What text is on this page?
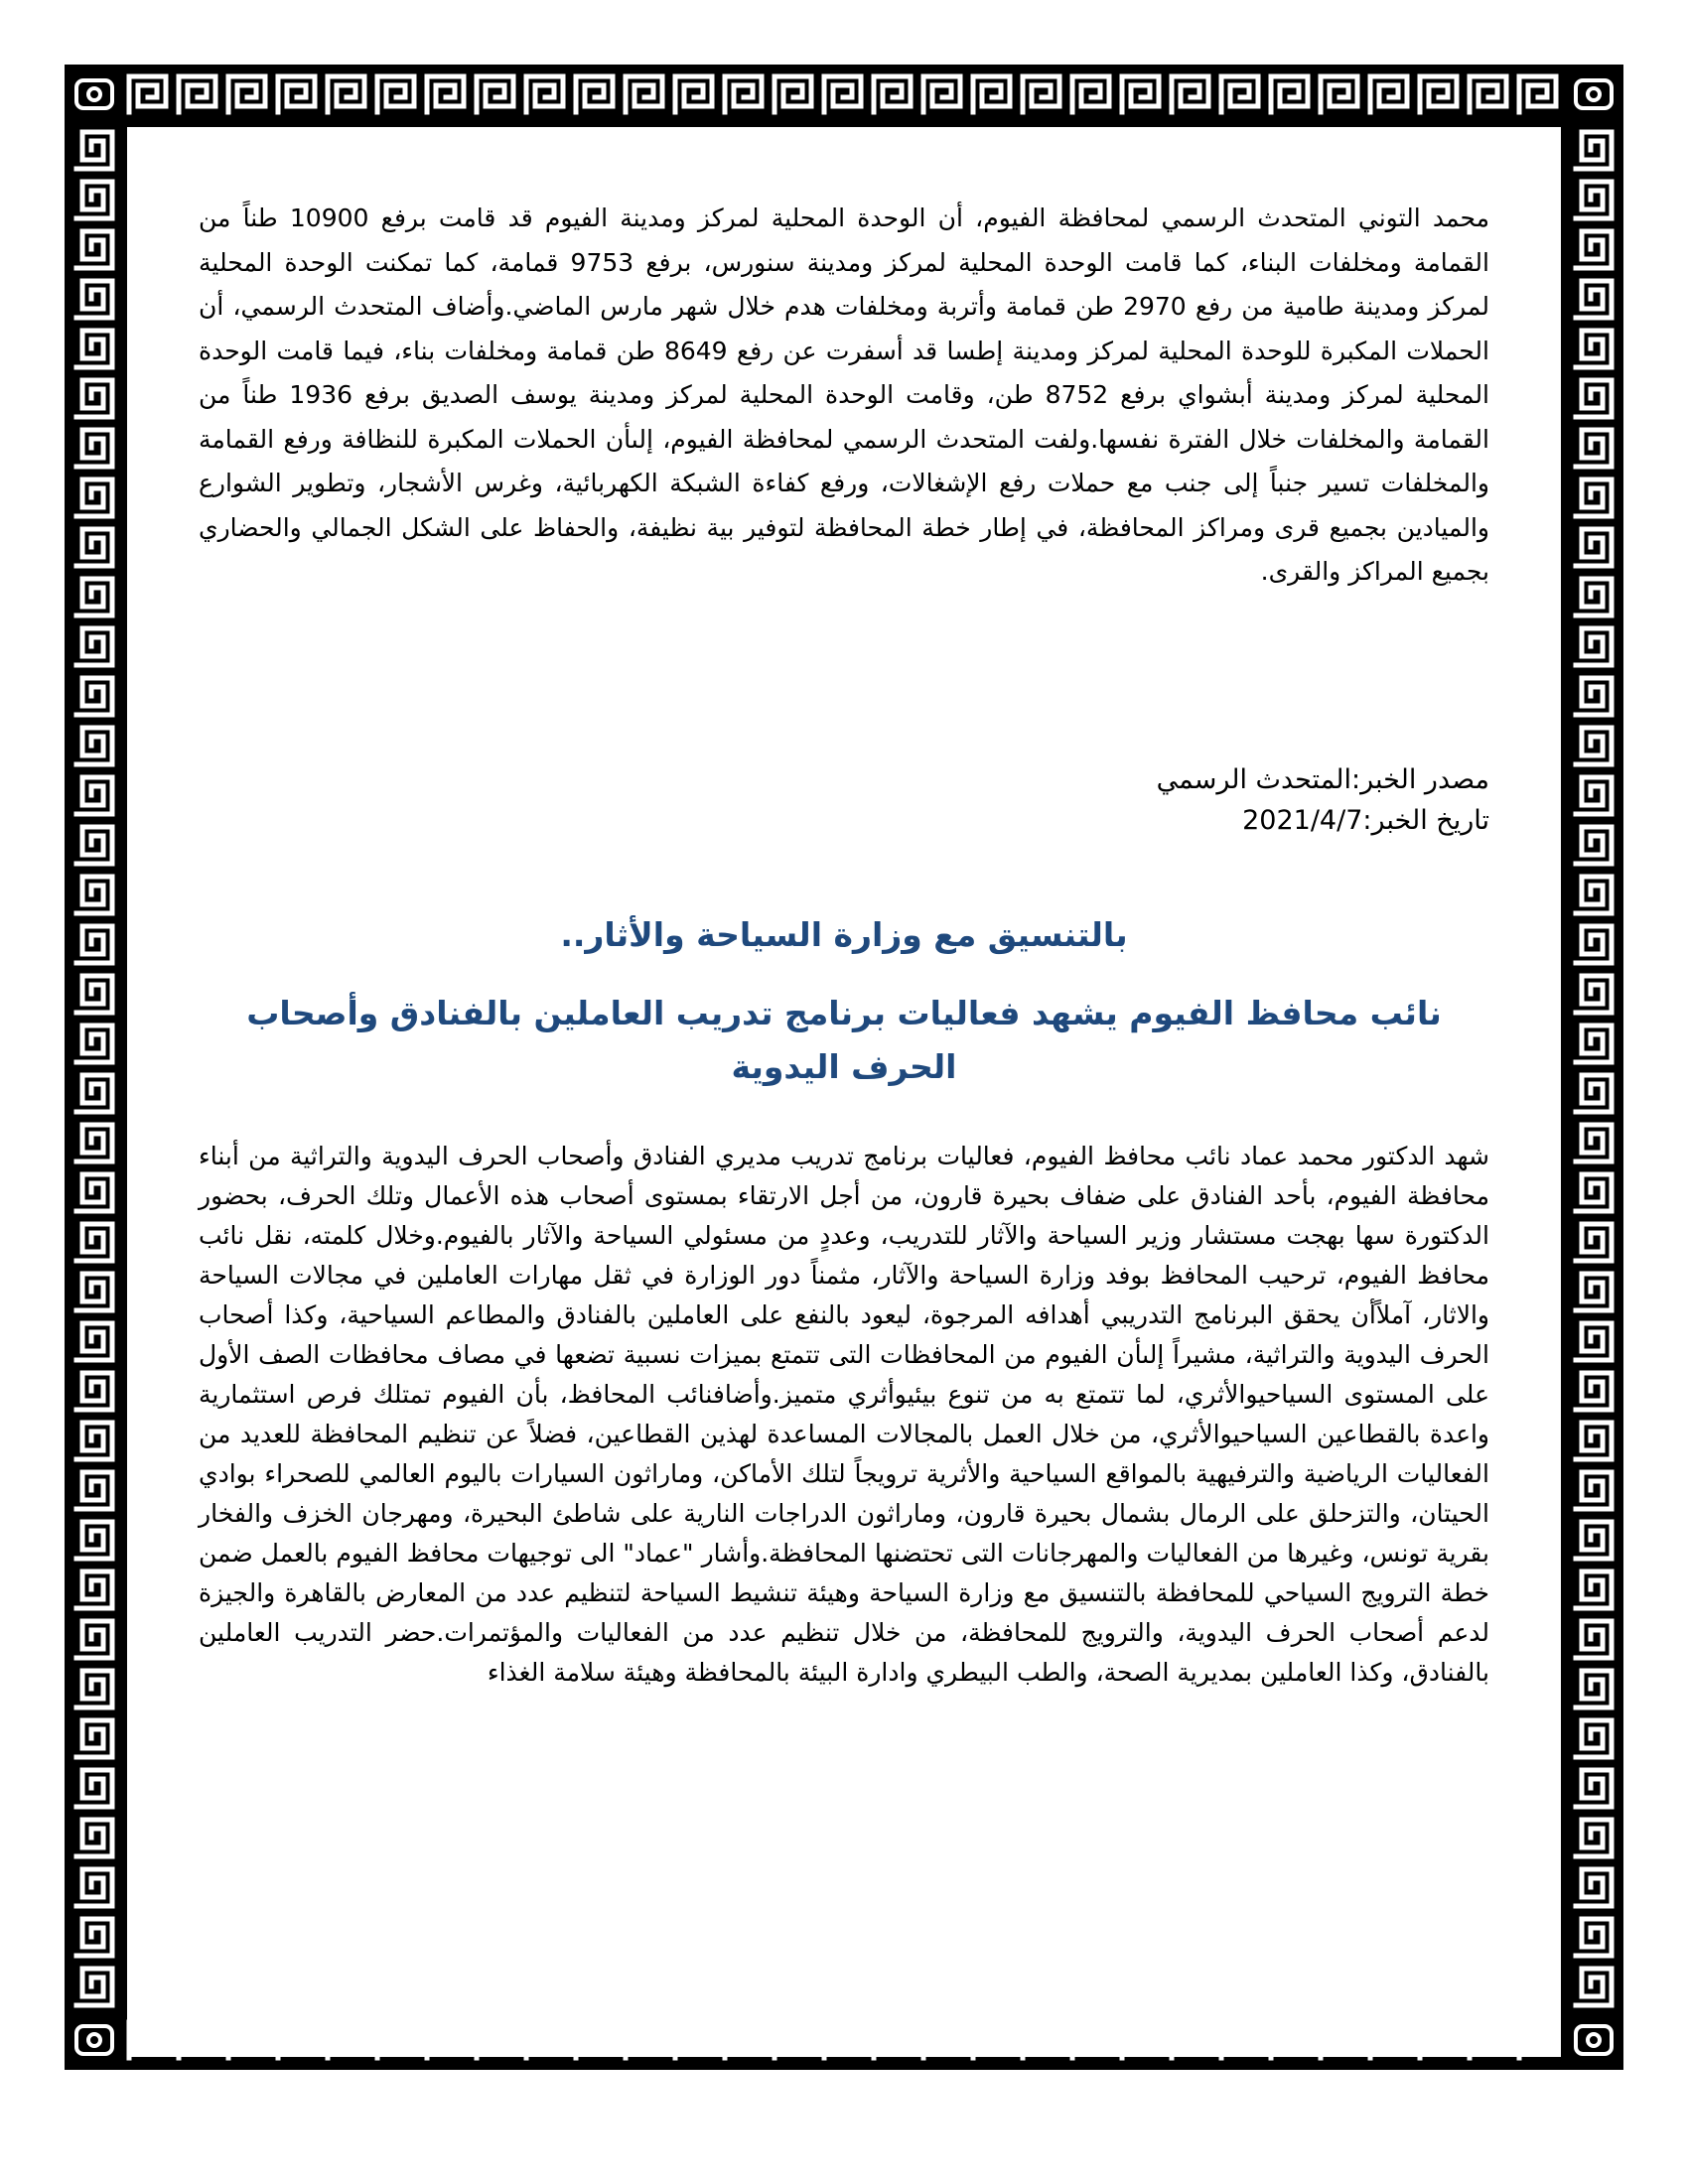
محمد التوني المتحدث الرسمي لمحافظة الفيوم، أن الوحدة المحلية لمركز ومدينة الفيوم قد قامت برفع 10900 طناً من القمامة ومخلفات البناء، كما قامت الوحدة المحلية لمركز ومدينة سنورس، برفع 9753 قمامة، كما تمكنت الوحدة المحلية لمركز ومدينة طامية من رفع 2970 طن قمامة وأتربة ومخلفات هدم خلال شهر مارس الماضي.وأضاف المتحدث الرسمي، أن الحملات المكبرة للوحدة المحلية لمركز ومدينة إطسا قد أسفرت عن رفع 8649 طن قمامة ومخلفات بناء، فيما قامت الوحدة المحلية لمركز ومدينة أبشواي برفع 8752 طن، وقامت الوحدة المحلية لمركز ومدينة يوسف الصديق برفع 1936 طناً من القمامة والمخلفات خلال الفترة نفسها.ولفت المتحدث الرسمي لمحافظة الفيوم، إلىأن الحملات المكبرة للنظافة ورفع القمامة والمخلفات تسير جنباً إلى جنب مع حملات رفع الإشغالات، ورفع كفاءة الشبكة الكهربائية، وغرس الأشجار، وتطوير الشوارع والميادين بجميع قرى ومراكز المحافظة، في إطار خطة المحافظة لتوفير بية نظيفة، والحفاظ على الشكل الجمالي والحضاري بجميع المراكز والقرى.

مصدر الخبر:المتحدث الرسمي

تاريخ الخبر:2021/4/7

بالتنسيق مع وزارة السياحة والأثار..

نائب محافظ الفيوم يشهد فعاليات برنامج تدريب العاملين بالفنادق وأصحاب الحرف اليدوية

شهد الدكتور محمد عماد نائب محافظ الفيوم، فعاليات برنامج تدريب مديري الفنادق وأصحاب الحرف اليدوية والتراثية من أبناء محافظة الفيوم، بأحد الفنادق على ضفاف بحيرة قارون، من أجل الارتقاء بمستوى أصحاب هذه الأعمال وتلك الحرف، بحضور الدكتورة سها بهجت مستشار وزير السياحة والآثار للتدريب، وعددٍ من مسئولي السياحة والآثار بالفيوم.وخلال كلمته، نقل نائب محافظ الفيوم، ترحيب المحافظ بوفد وزارة السياحة والآثار، مثمناً دور الوزارة في ثقل مهارات العاملين في مجالات السياحة والاثار، آملاًأن يحقق البرنامج التدريبي أهدافه المرجوة، ليعود بالنفع على العاملين بالفنادق والمطاعم السياحية، وكذا أصحاب الحرف اليدوية والتراثية، مشيراً إلىأن الفيوم من المحافظات التى تتمتع بميزات نسبية تضعها في مصاف محافظات الصف الأول على المستوى السياحيوالأثري، لما تتمتع به من تنوع بيئيوأثري متميز.وأضافنائب المحافظ، بأن الفيوم تمتلك فرص استثمارية واعدة بالقطاعين السياحيوالأثري، من خلال العمل بالمجالات المساعدة لهذين القطاعين، فضلاً عن تنظيم المحافظة للعديد من الفعاليات الرياضية والترفيهية بالمواقع السياحية والأثرية ترويجاً لتلك الأماكن، وماراثون السيارات باليوم العالمي للصحراء بوادي الحيتان، والتزحلق على الرمال بشمال بحيرة قارون، وماراثون الدراجات النارية على شاطئ البحيرة، ومهرجان الخزف والفخار بقرية تونس، وغيرها من الفعاليات والمهرجانات التى تحتضنها المحافظة.وأشار "عماد" الى توجيهات محافظ الفيوم بالعمل ضمن خطة الترويج السياحي للمحافظة بالتنسيق مع وزارة السياحة وهيئة تنشيط السياحة لتنظيم عدد من المعارض بالقاهرة والجيزة لدعم أصحاب الحرف اليدوية، والترويج للمحافظة، من خلال تنظيم عدد من الفعاليات والمؤتمرات.حضر التدريب العاملين بالفنادق، وكذا العاملين بمديرية الصحة، والطب البيطري وادارة البيئة بالمحافظة وهيئة سلامة الغذاء
